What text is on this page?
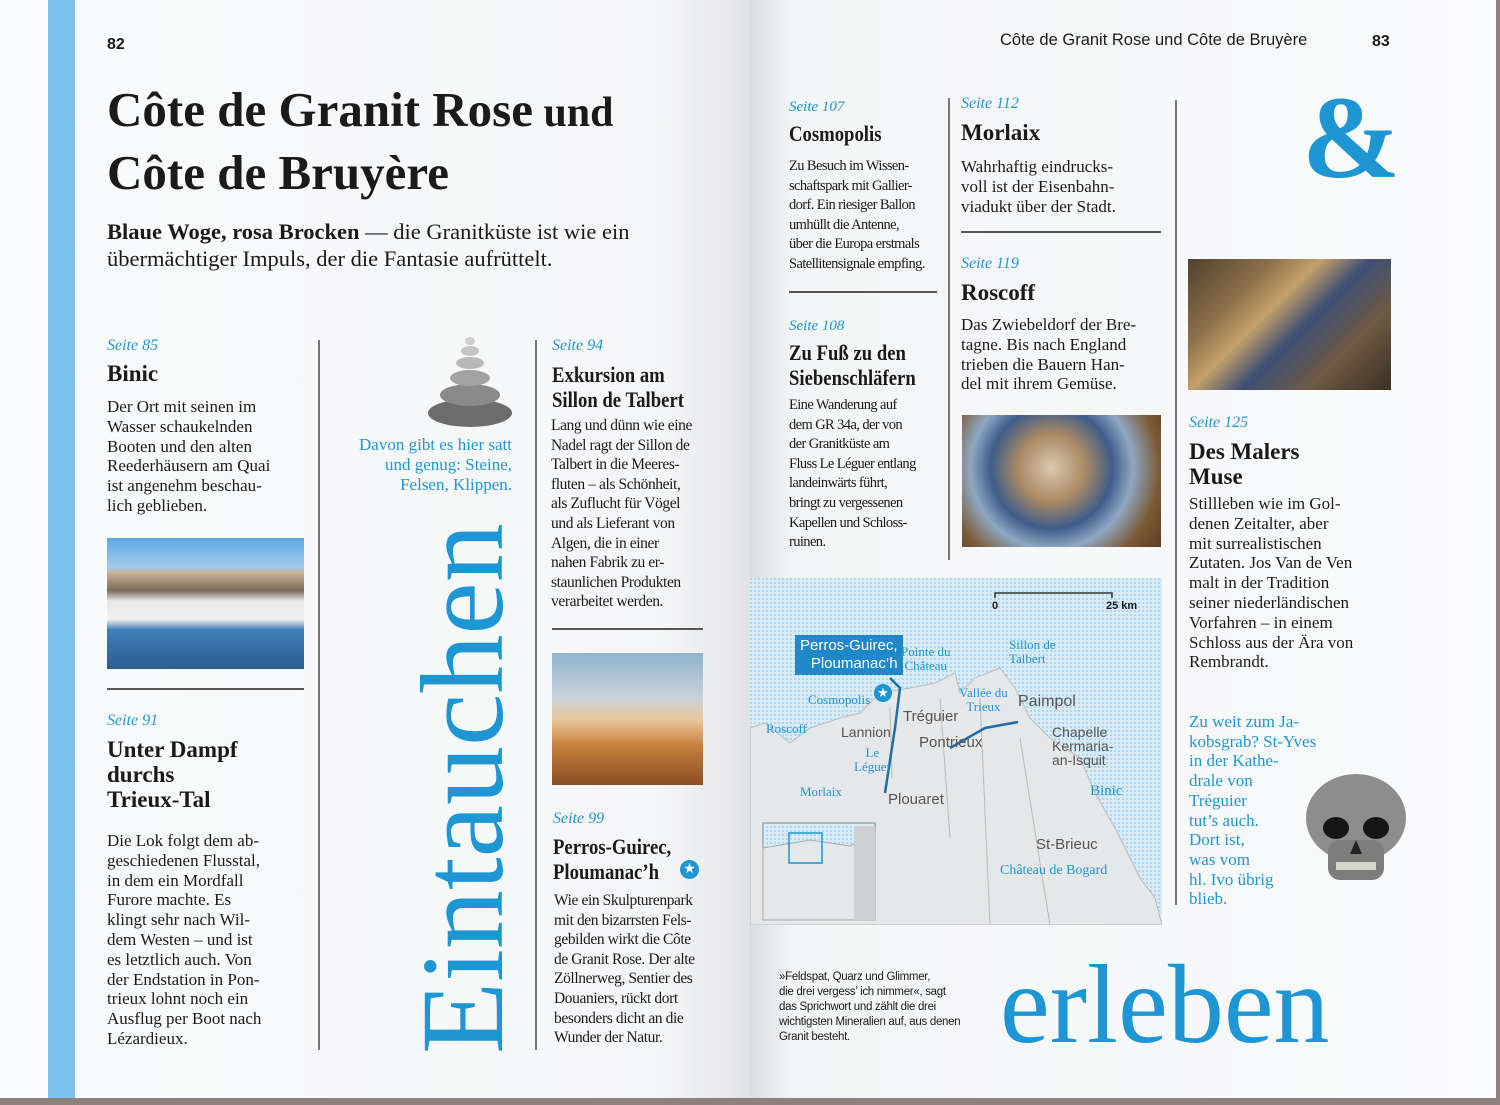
82
Côte de Granit Rose und
Côte de Bruyère
Blaue Woge, rosa Brocken — die Granitküste ist wie ein
übermächtiger Impuls, der die Fantasie aufrüttelt.
Seite 85
Binic
Der Ort mit seinen im
Wasser schaukelnden
Booten und den alten
Reederhäusern am Quai
ist angenehm beschau-
lich geblieben.
Seite 91
Unter Dampf
durchs
Trieux-Tal
Die Lok folgt dem ab-
geschiedenen Flusstal,
in dem ein Mordfall
Furore machte. Es
klingt sehr nach Wil-
dem Westen – und ist
es letztlich auch. Von
der Endstation in Pon-
trieux lohnt noch ein
Ausflug per Boot nach
Lézardieux.
Davon gibt es hier satt
und genug: Steine,
Felsen, Klippen.
Eintauchen
Seite 94
Exkursion am
Sillon de Talbert
Lang und dünn wie eine
Nadel ragt der Sillon de
Talbert in die Meeres-
fluten – als Schönheit,
als Zuflucht für Vögel
und als Lieferant von
Algen, die in einer
nahen Fabrik zu er-
staunlichen Produkten
verarbeitet werden.
Seite 99
Perros-Guirec,
Ploumanac’h	★
Wie ein Skulpturenpark
mit den bizarrsten Fels-
gebilden wirkt die Côte
de Granit Rose. Der alte
Zöllnerweg, Sentier des
Douaniers, rückt dort
besonders dicht an die
Wunder der Natur.
Côte de Granit Rose und Côte de Bruyère	83
Seite 107
Cosmopolis
Zu Besuch im Wissen-
schaftspark mit Gallier-
dorf. Ein riesiger Ballon
umhüllt die Antenne,
über die Europa erstmals
Satellitensignale empfing.
Seite 108
Zu Fuß zu den
Siebenschläfern
Eine Wanderung auf
dem GR 34a, der von
der Granitküste am
Fluss Le Léguer entlang
landeinwärts führt,
bringt zu vergessenen
Kapellen und Schloss-
ruinen.
Seite 112
Morlaix
Wahrhaftig eindrucks-
voll ist der Eisenbahn-
viadukt über der Stadt.
Seite 119
Roscoff
Das Zwiebeldorf der Bre-
tagne. Bis nach England
trieben die Bauern Han-
del mit ihrem Gemüse.
&
Seite 125
Des Malers
Muse
Stillleben wie im Gol-
denen Zeitalter, aber
mit surrealistischen
Zutaten. Jos Van de Ven
malt in der Tradition
seiner niederländischen
Vorfahren – in einem
Schloss aus der Ära von
Rembrandt.
Zu weit zum Ja-
kobsgrab? St-Yves
in der Kathe-
drale von
Tréguier
tut’s auch.
Dort ist,
was vom
hl. Ivo übrig
blieb.
0	25 km
Perros-Guirec,
Ploumanac’h
★
Pointe du
Château
Sillon de
Talbert
Cosmopolis	Vallée du
Trieux	Paimpol
Tréguier
Roscoff Lannion
Pontrieux
Chapelle
Kermaria-
an-Isquit
Le
Léguer
Morlaix	Plouaret	Binic
St-Brieuc
Château de Bogard
»Feldspat, Quarz und Glimmer,
die drei vergess’ ich nimmer«, sagt
das Sprichwort und zählt die drei
wichtigsten Mineralien auf, aus denen
Granit besteht.	erleben
